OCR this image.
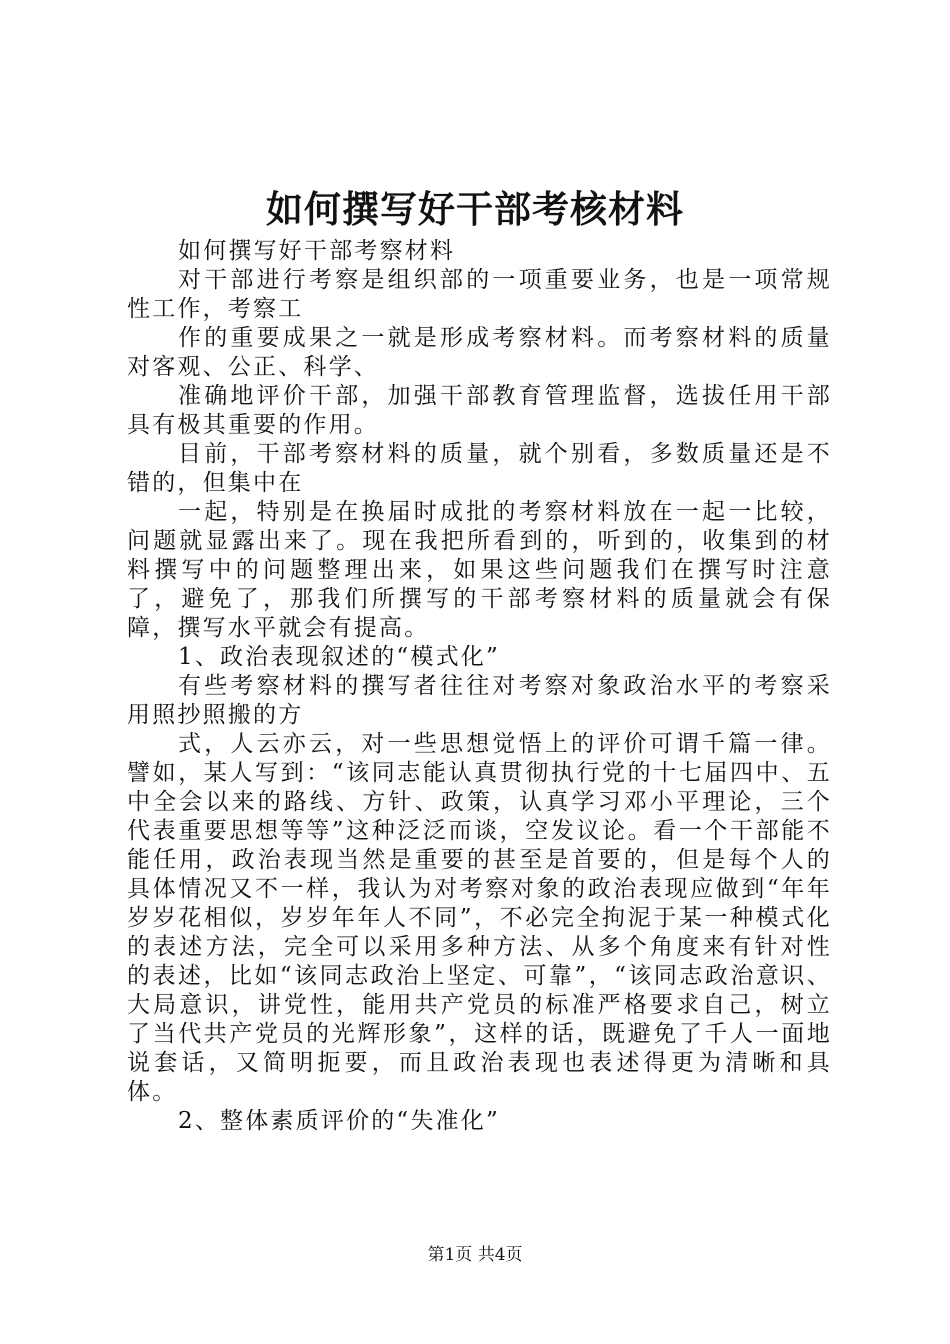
如何撰写好干部考核材料

如何撰写好干部考察材料

对干部进行考察是组织部的一项重要业务，也是一项常规性工作，考察工

作的重要成果之一就是形成考察材料。而考察材料的质量对客观、公正、科学、

准确地评价干部，加强干部教育管理监督，选拔任用干部具有极其重要的作用。

目前，干部考察材料的质量，就个别看，多数质量还是不错的，但集中在

一起，特别是在换届时成批的考察材料放在一起一比较，问题就显露出来了。现在我把所看到的，听到的，收集到的材料撰写中的问题整理出来，如果这些问题我们在撰写时注意了，避免了，那我们所撰写的干部考察材料的质量就会有保障，撰写水平就会有提高。

1、政治表现叙述的“模式化”

有些考察材料的撰写者往往对考察对象政治水平的考察采用照抄照搬的方

式，人云亦云，对一些思想觉悟上的评价可谓千篇一律。譬如，某人写到：“该同志能认真贯彻执行党的十七届四中、五中全会以来的路线、方针、政策，认真学习邓小平理论，三个代表重要思想等等”这种泛泛而谈，空发议论。看一个干部能不能任用，政治表现当然是重要的甚至是首要的，但是每个人的具体情况又不一样，我认为对考察对象的政治表现应做到“年年岁岁花相似，岁岁年年人不同”，不必完全拘泥于某一种模式化的表述方法，完全可以采用多种方法、从多个角度来有针对性的表述，比如“该同志政治上坚定、可靠”，“该同志政治意识、大局意识，讲党性，能用共产党员的标准严格要求自己，树立了当代共产党员的光辉形象”，这样的话，既避免了千人一面地说套话，又简明扼要，而且政治表现也表述得更为清晰和具体。

2、整体素质评价的“失准化”

第1页 共4页
